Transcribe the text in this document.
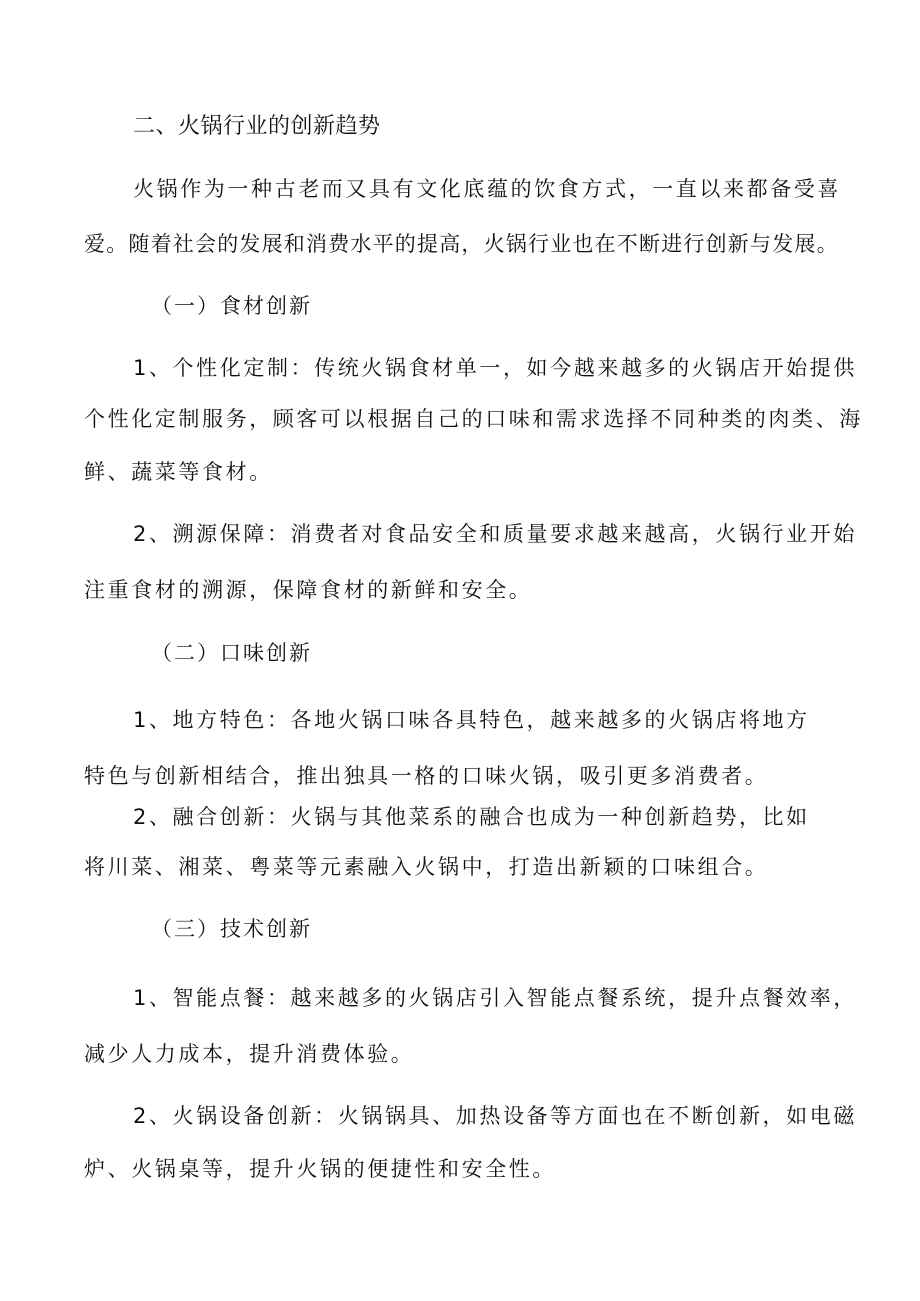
二、火锅行业的创新趋势
火锅作为一种古老而又具有文化底蕴的饮食方式，一直以来都备受喜
爱。随着社会的发展和消费水平的提高，火锅行业也在不断进行创新与发展。
（一）食材创新
1、个性化定制：传统火锅食材单一，如今越来越多的火锅店开始提供
个性化定制服务，顾客可以根据自己的口味和需求选择不同种类的肉类、海
鲜、蔬菜等食材。
2、溯源保障：消费者对食品安全和质量要求越来越高，火锅行业开始
注重食材的溯源，保障食材的新鲜和安全。
（二）口味创新
1、地方特色：各地火锅口味各具特色，越来越多的火锅店将地方
特色与创新相结合，推出独具一格的口味火锅，吸引更多消费者。
2、融合创新：火锅与其他菜系的融合也成为一种创新趋势，比如
将川菜、湘菜、粤菜等元素融入火锅中，打造出新颖的口味组合。
（三）技术创新
1、智能点餐：越来越多的火锅店引入智能点餐系统，提升点餐效率，
减少人力成本，提升消费体验。
2、火锅设备创新：火锅锅具、加热设备等方面也在不断创新，如电磁
炉、火锅桌等，提升火锅的便捷性和安全性。
